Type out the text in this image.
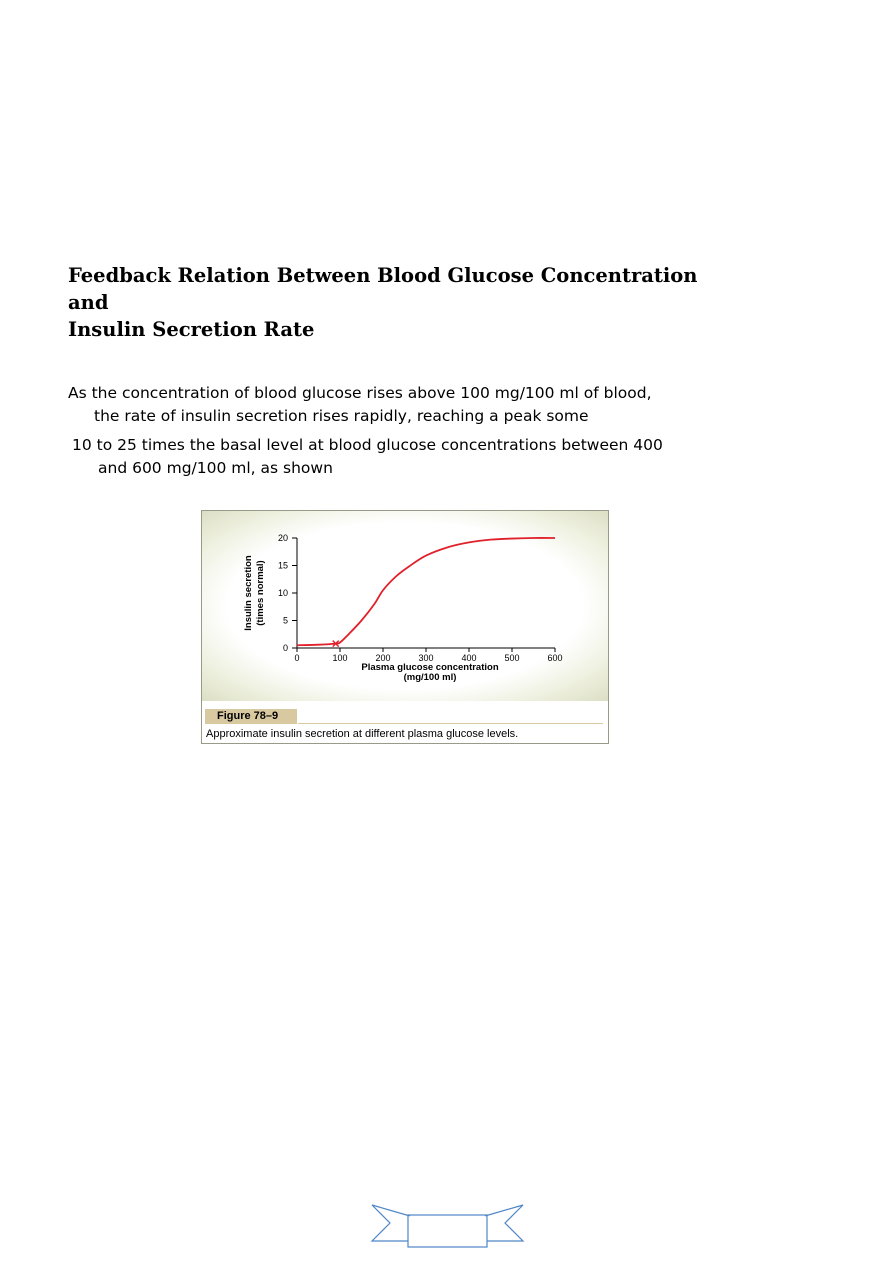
Feedback Relation Between Blood Glucose Concentration
and
Insulin Secretion Rate

As the concentration of blood glucose rises above 100 mg/100 ml of blood,
the rate of insulin secretion rises rapidly, reaching a peak some

10 to 25 times the basal level at blood glucose concentrations between 400
and 600 mg/100 ml, as shown

0
5
10
15
20
0	100	200	300	400	500	600
Plasma glucose concentration
(mg/100 ml)
Insulin secretion (times normal)
Figure 78–9
Approximate insulin secretion at different plasma glucose levels.
